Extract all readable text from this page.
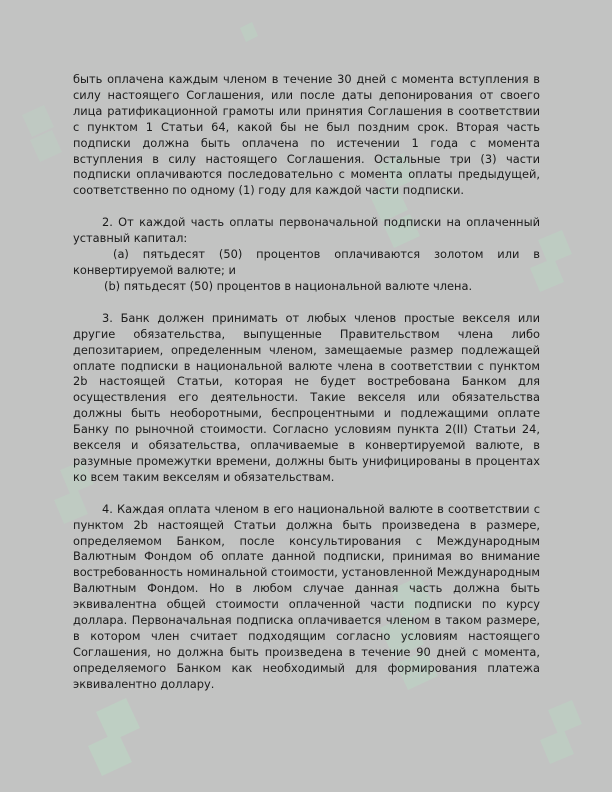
быть оплачена каждым членом в течение 30 дней с момента вступления в силу настоящего Соглашения, или после даты депонирования от своего лица ратификационной грамоты или принятия Соглашения в соответствии с пунктом 1 Статьи 64, какой бы не был поздним срок. Вторая часть подписки должна быть оплачена по истечении 1 года с момента вступления в силу настоящего Соглашения. Остальные три (3) части подписки оплачиваются последовательно с момента оплаты предыдущей, соответственно по одному (1) году для каждой части подписки.

2. От каждой часть оплаты первоначальной подписки на оплаченный уставный капитал:

(a) пятьдесят (50) процентов оплачиваются золотом или в конвертируемой валюте; и

(b) пятьдесят (50) процентов в национальной валюте члена.

3. Банк должен принимать от любых членов простые векселя или другие обязательства, выпущенные Правительством члена либо депозитарием, определенным членом, замещаемые размер подлежащей оплате подписки в национальной валюте члена в соответствии с пунктом 2b настоящей Статьи, которая не будет востребована Банком для осуществления его деятельности. Такие векселя или обязательства должны быть необоротными, беспроцентными и подлежащими оплате Банку по рыночной стоимости. Согласно условиям пункта 2(II) Статьи 24, векселя и обязательства, оплачиваемые в конвертируемой валюте, в разумные промежутки времени, должны быть унифицированы в процентах ко всем таким векселям и обязательствам.

4. Каждая оплата членом в его национальной валюте в соответствии с пунктом 2b настоящей Статьи должна быть произведена в размере, определяемом Банком, после консультирования с Международным Валютным Фондом об оплате данной подписки, принимая во внимание востребованность номинальной стоимости, установленной Международным Валютным Фондом. Но в любом случае данная часть должна быть эквивалентна общей стоимости оплаченной части подписки по курсу доллара. Первоначальная подписка оплачивается членом в таком размере, в котором член считает подходящим согласно условиям настоящего Соглашения, но должна быть произведена в течение 90 дней с момента, определяемого Банком как необходимый для формирования платежа эквивалентно доллару.
